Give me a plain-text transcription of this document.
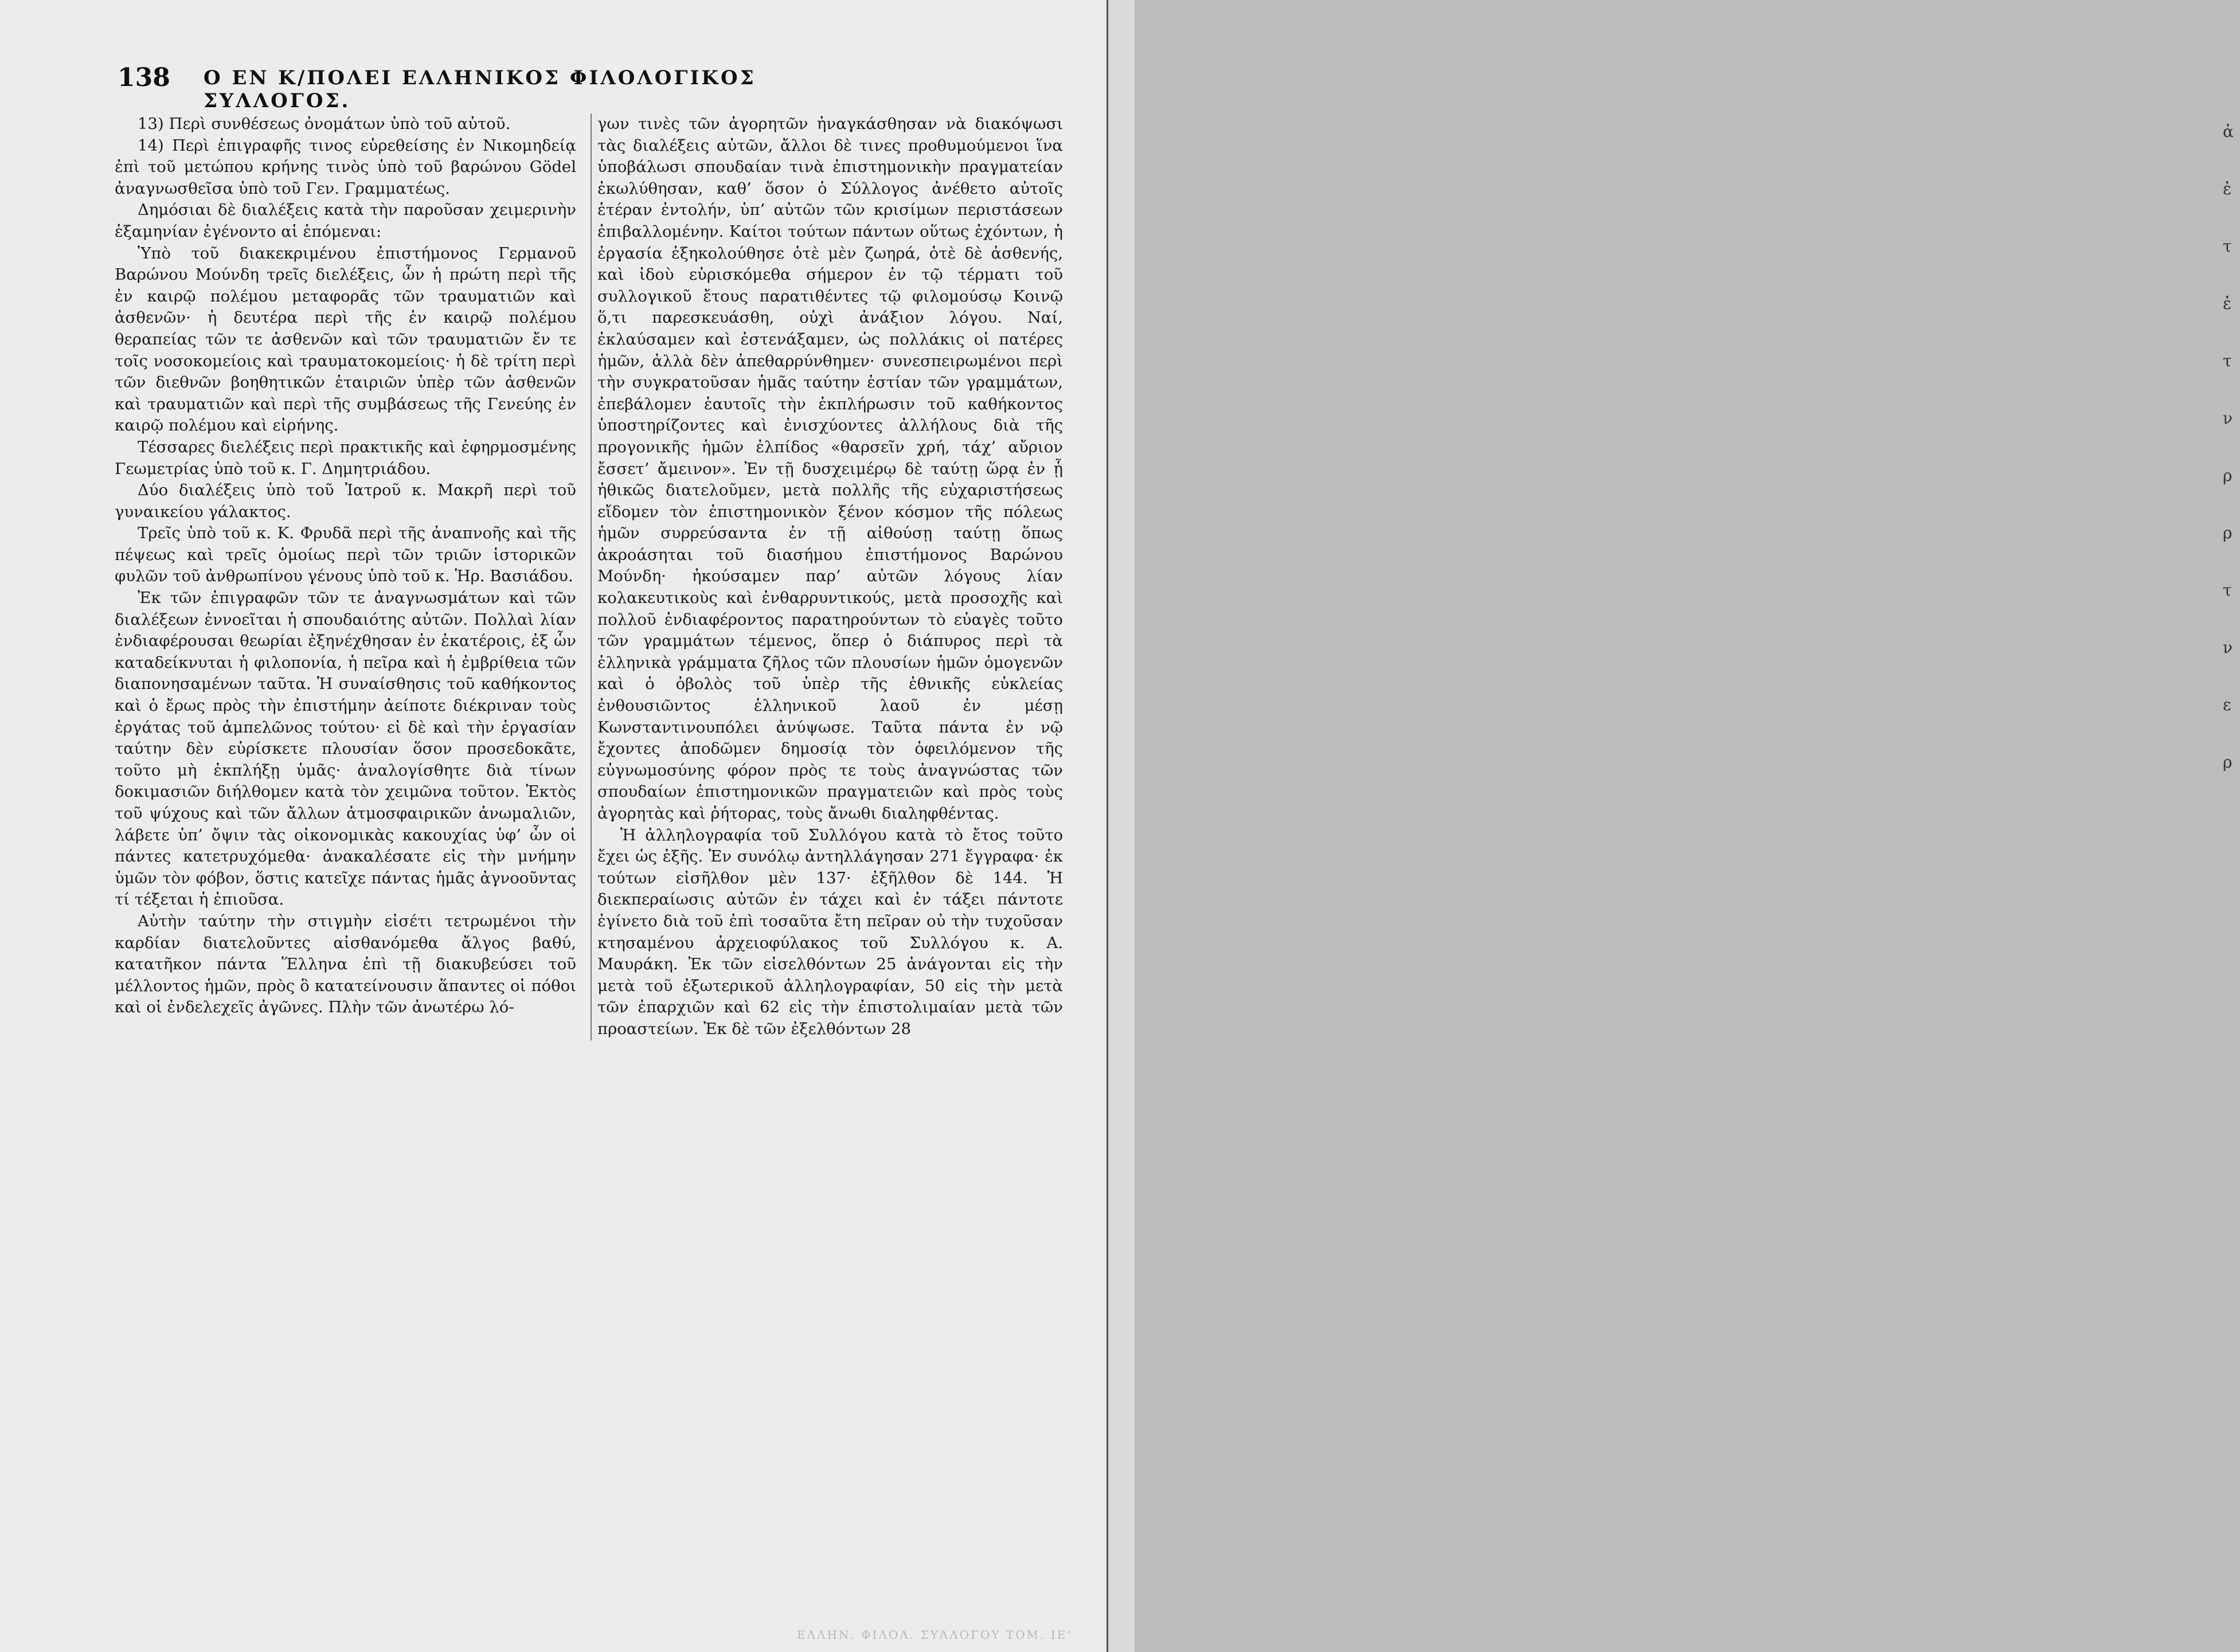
138 Ο ΕΝ Κ/ΠΟΛΕΙ ΕΛΛΗΝΙΚΟΣ ΦΙΛΟΛΟΓΙΚΟΣ ΣΥΛΛΟΓΟΣ.

13) Περὶ συνθέσεως ὀνομάτων ὑπὸ τοῦ αὐτοῦ.

14) Περὶ ἐπιγραφῆς τινος εὑρεθείσης ἐν Νικομηδείᾳ ἐπὶ τοῦ μετώπου κρήνης τινὸς ὑπὸ τοῦ βαρώνου Gödel ἀναγνωσθεῖσα ὑπὸ τοῦ Γεν. Γραμματέως.

Δημόσιαι δὲ διαλέξεις κατὰ τὴν παροῦσαν χειμερινὴν ἑξαμηνίαν ἐγένοντο αἱ ἑπόμεναι:

Ὑπὸ τοῦ διακεκριμένου ἐπιστήμονος Γερμανοῦ Βαρώνου Μούνδη τρεῖς διελέξεις, ὧν ἡ πρώτη περὶ τῆς ἐν καιρῷ πολέμου μεταφορᾶς τῶν τραυματιῶν καὶ ἀσθενῶν· ἡ δευτέρα περὶ τῆς ἐν καιρῷ πολέμου θεραπείας τῶν τε ἀσθενῶν καὶ τῶν τραυματιῶν ἔν τε τοῖς νοσοκομείοις καὶ τραυματοκομείοις· ἡ δὲ τρίτη περὶ τῶν διεθνῶν βοηθητικῶν ἑταιριῶν ὑπὲρ τῶν ἀσθενῶν καὶ τραυματιῶν καὶ περὶ τῆς συμβάσεως τῆς Γενεύης ἐν καιρῷ πολέμου καὶ εἰρήνης.

Τέσσαρες διελέξεις περὶ πρακτικῆς καὶ ἐφηρμοσμένης Γεωμετρίας ὑπὸ τοῦ κ. Γ. Δημητριάδου.

Δύο διαλέξεις ὑπὸ τοῦ Ἰατροῦ κ. Μακρῆ περὶ τοῦ γυναικείου γάλακτος.

Τρεῖς ὑπὸ τοῦ κ. Κ. Φρυδᾶ περὶ τῆς ἀναπνοῆς καὶ τῆς πέψεως καὶ τρεῖς ὁμοίως περὶ τῶν τριῶν ἱστορικῶν φυλῶν τοῦ ἀνθρωπίνου γένους ὑπὸ τοῦ κ. Ἡρ. Βασιάδου.

Ἐκ τῶν ἐπιγραφῶν τῶν τε ἀναγνωσμάτων καὶ τῶν διαλέξεων ἐννοεῖται ἡ σπουδαιότης αὐτῶν. Πολλαὶ λίαν ἐνδιαφέρουσαι θεωρίαι ἐξηνέχθησαν ἐν ἑκατέροις, ἐξ ὧν καταδείκνυται ἡ φιλοπονία, ἡ πεῖρα καὶ ἡ ἐμβρίθεια τῶν διαπονησαμένων ταῦτα. Ἡ συναίσθησις τοῦ καθήκοντος καὶ ὁ ἔρως πρὸς τὴν ἐπιστήμην ἀείποτε διέκριναν τοὺς ἐργάτας τοῦ ἀμπελῶνος τούτου· εἰ δὲ καὶ τὴν ἐργασίαν ταύτην δὲν εὑρίσκετε πλουσίαν ὅσον προσεδοκᾶτε, τοῦτο μὴ ἐκπλήξῃ ὑμᾶς· ἀναλογίσθητε διὰ τίνων δοκιμασιῶν διήλθομεν κατὰ τὸν χειμῶνα τοῦτον. Ἐκτὸς τοῦ ψύχους καὶ τῶν ἄλλων ἀτμοσφαιρικῶν ἀνωμαλιῶν, λάβετε ὑπ’ ὄψιν τὰς οἰκονομικὰς κακουχίας ὑφ’ ὧν οἱ πάντες κατετρυχόμεθα· ἀνακαλέσατε εἰς τὴν μνήμην ὑμῶν τὸν φόβον, ὅστις κατεῖχε πάντας ἡμᾶς ἀγνοοῦντας τί τέξεται ἡ ἐπιοῦσα.

Αὐτὴν ταύτην τὴν στιγμὴν εἰσέτι τετρωμένοι τὴν καρδίαν διατελοῦντες αἰσθανόμεθα ἄλγος βαθύ, κατατῆκον πάντα Ἕλληνα ἐπὶ τῇ διακυβεύσει τοῦ μέλλοντος ἡμῶν, πρὸς ὃ κατατείνουσιν ἅπαντες οἱ πόθοι καὶ οἱ ἐνδελεχεῖς ἀγῶνες. Πλὴν τῶν ἀνωτέρω λό-

γων τινὲς τῶν ἀγορητῶν ἠναγκάσθησαν νὰ διακόψωσι τὰς διαλέξεις αὐτῶν, ἄλλοι δὲ τινες προθυμούμενοι ἵνα ὑποβάλωσι σπουδαίαν τινὰ ἐπιστημονικὴν πραγματείαν ἐκωλύθησαν, καθ’ ὅσον ὁ Σύλλογος ἀνέθετο αὐτοῖς ἑτέραν ἐντολήν, ὑπ’ αὐτῶν τῶν κρισίμων περιστάσεων ἐπιβαλλομένην. Καίτοι τούτων πάντων οὕτως ἐχόντων, ἡ ἐργασία ἐξηκολούθησε ὁτὲ μὲν ζωηρά, ὁτὲ δὲ ἀσθενής, καὶ ἰδοὺ εὑρισκόμεθα σήμερον ἐν τῷ τέρματι τοῦ συλλογικοῦ ἔτους παρατιθέντες τῷ φιλομούσῳ Κοινῷ ὅ,τι παρεσκευάσθη, οὐχὶ ἀνάξιον λόγου. Ναί, ἐκλαύσαμεν καὶ ἐστενάξαμεν, ὡς πολλάκις οἱ πατέρες ἡμῶν, ἀλλὰ δὲν ἀπεθαρρύνθημεν· συνεσπειρωμένοι περὶ τὴν συγκρατοῦσαν ἡμᾶς ταύτην ἑστίαν τῶν γραμμάτων, ἐπεβάλομεν ἑαυτοῖς τὴν ἐκπλήρωσιν τοῦ καθήκοντος ὑποστηρίζοντες καὶ ἐνισχύοντες ἀλλήλους διὰ τῆς προγονικῆς ἡμῶν ἐλπίδος «θαρσεῖν χρή, τάχ’ αὔριον ἔσσετ’ ἄμεινον». Ἐν τῇ δυσχειμέρῳ δὲ ταύτῃ ὥρᾳ ἐν ᾗ ἠθικῶς διατελοῦμεν, μετὰ πολλῆς τῆς εὐχαριστήσεως εἴδομεν τὸν ἐπιστημονικὸν ξένον κόσμον τῆς πόλεως ἡμῶν συρρεύσαντα ἐν τῇ αἰθούσῃ ταύτῃ ὅπως ἀκροάσηται τοῦ διασήμου ἐπιστήμονος Βαρώνου Μούνδη· ἠκούσαμεν παρ’ αὐτῶν λόγους λίαν κολακευτικοὺς καὶ ἐνθαρρυντικούς, μετὰ προσοχῆς καὶ πολλοῦ ἐνδιαφέροντος παρατηρούντων τὸ εὐαγὲς τοῦτο τῶν γραμμάτων τέμενος, ὅπερ ὁ διάπυρος περὶ τὰ ἑλληνικὰ γράμματα ζῆλος τῶν πλουσίων ἡμῶν ὁμογενῶν καὶ ὁ ὀβολὸς τοῦ ὑπὲρ τῆς ἐθνικῆς εὐκλείας ἐνθουσιῶντος ἑλληνικοῦ λαοῦ ἐν μέσῃ Κωνσταντινουπόλει ἀνύψωσε. Ταῦτα πάντα ἐν νῷ ἔχοντες ἀποδῶμεν δημοσίᾳ τὸν ὀφειλόμενον τῆς εὐγνωμοσύνης φόρον πρὸς τε τοὺς ἀναγνώστας τῶν σπουδαίων ἐπιστημονικῶν πραγματειῶν καὶ πρὸς τοὺς ἀγορητὰς καὶ ῥήτορας, τοὺς ἄνωθι διαληφθέντας.

Ἡ ἀλληλογραφία τοῦ Συλλόγου κατὰ τὸ ἔτος τοῦτο ἔχει ὡς ἑξῆς. Ἐν συνόλῳ ἀντηλλάγησαν 271 ἔγγραφα· ἐκ τούτων εἰσῆλθον μὲν 137· ἐξῆλθον δὲ 144. Ἡ διεκπεραίωσις αὐτῶν ἐν τάχει καὶ ἐν τάξει πάντοτε ἐγίνετο διὰ τοῦ ἐπὶ τοσαῦτα ἔτη πεῖραν οὐ τὴν τυχοῦσαν κτησαμένου ἀρχειοφύλακος τοῦ Συλλόγου κ. Α. Μαυράκη. Ἐκ τῶν εἰσελθόντων 25 ἀνάγονται εἰς τὴν μετὰ τοῦ ἐξωτερικοῦ ἀλληλογραφίαν, 50 εἰς τὴν μετὰ τῶν ἐπαρχιῶν καὶ 62 εἰς τὴν ἐπιστολιμαίαν μετὰ τῶν προαστείων. Ἐκ δὲ τῶν ἐξελθόντων 28

ΕΛΛΗΝ. ΦΙΛΟΛ. ΣΥΛΛΟΓΟΥ ΤΟΜ. ΙΕ'
ἀ
ἐ
τ
ἐ
τ
ν
ρ
ρ
τ
ν
ε
ρ
